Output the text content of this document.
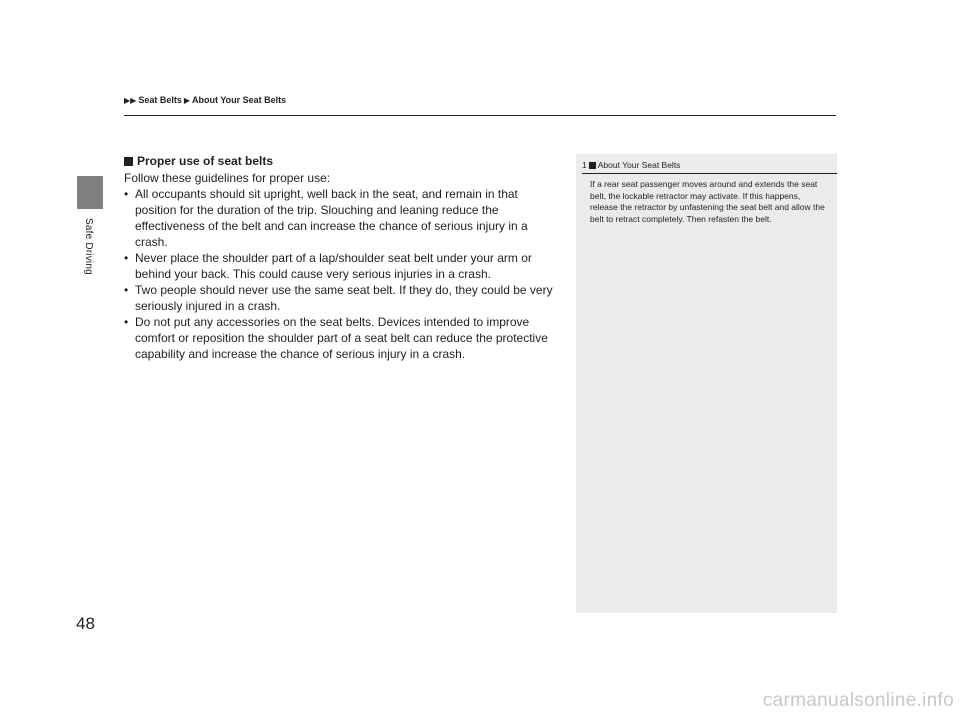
Safe Driving
▶▶ Seat Belts ▶ About Your Seat Belts
Proper use of seat belts

Follow these guidelines for proper use:

• All occupants should sit upright, well back in the seat, and remain in that position for the duration of the trip. Slouching and leaning reduce the effectiveness of the belt and can increase the chance of serious injury in a crash.
• Never place the shoulder part of a lap/shoulder seat belt under your arm or behind your back. This could cause very serious injuries in a crash.
• Two people should never use the same seat belt. If they do, they could be very seriously injured in a crash.
• Do not put any accessories on the seat belts. Devices intended to improve comfort or reposition the shoulder part of a seat belt can reduce the protective capability and increase the chance of serious injury in a crash.
1 About Your Seat Belts
If a rear seat passenger moves around and extends the seat belt, the lockable retractor may activate. If this happens, release the retractor by unfastening the seat belt and allow the belt to retract completely. Then refasten the belt.
48
carmanualsonline.info
